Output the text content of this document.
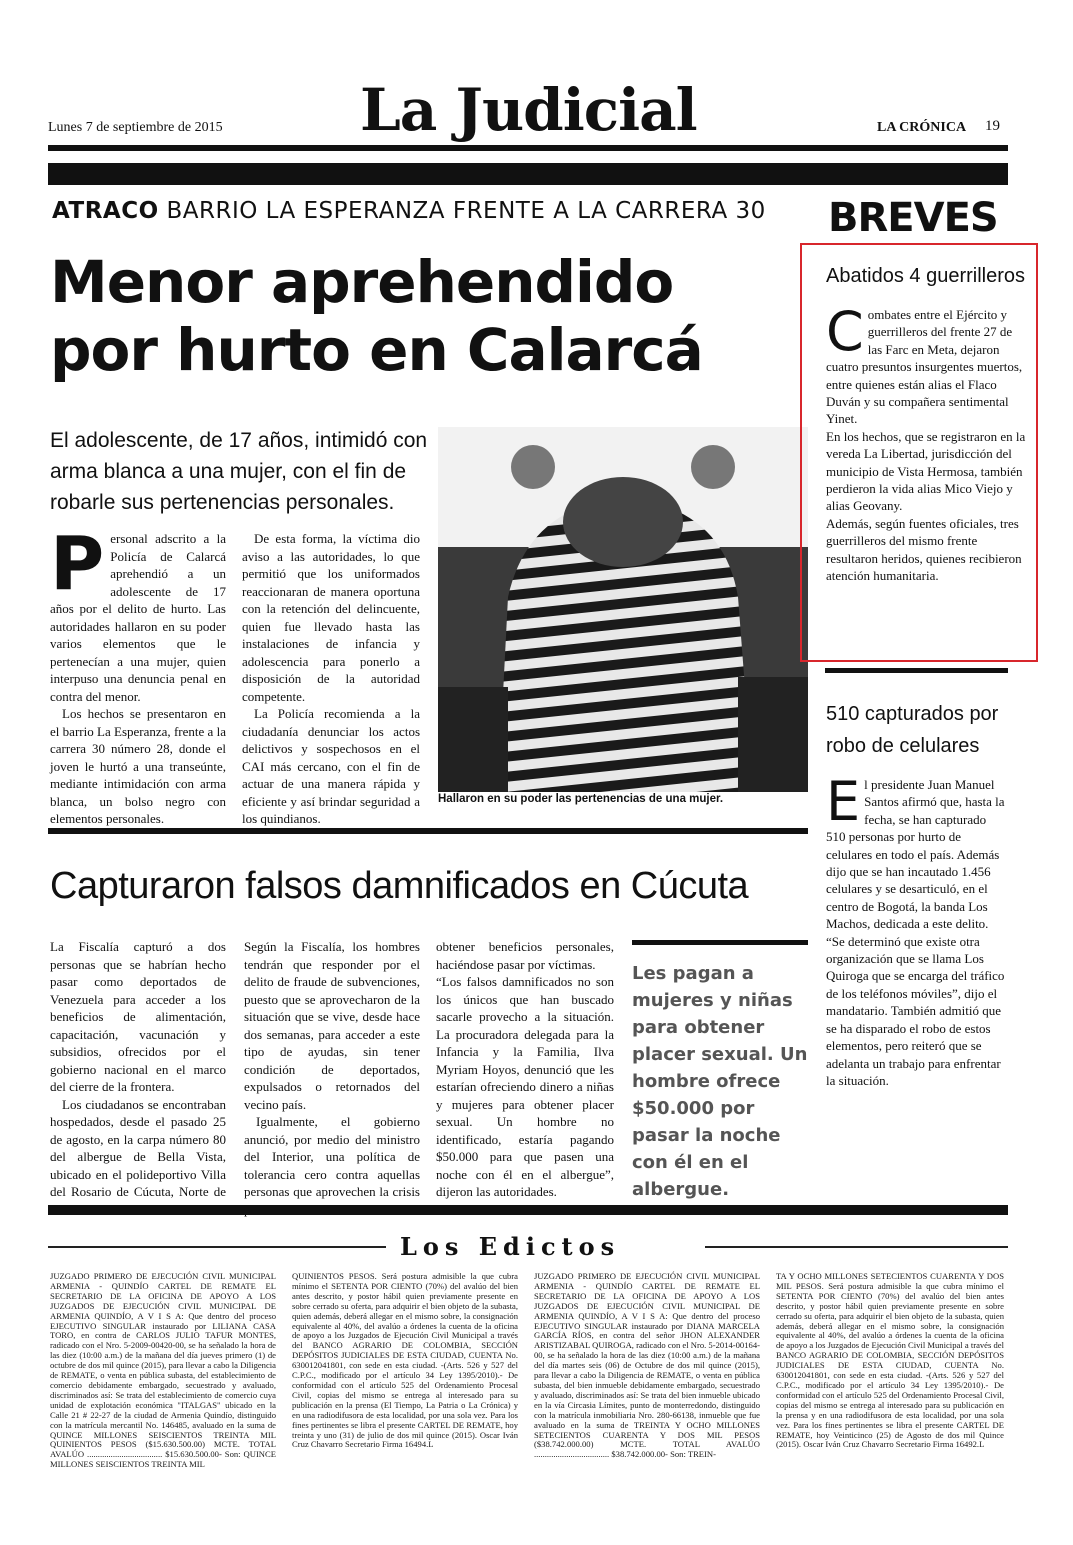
Lunes 7 de septiembre de 2015 La Judicial	LA CRÓNICA 19
ATRACO BARRIO LA ESPERANZA FRENTE A LA CARRERA 30
Menor aprehendido por hurto en Calarcá
El adolescente, de 17 años, intimidó con arma blanca a una mujer, con el fin de robarle sus pertenencias personales.
P ersonal adscrito a la Policía de Calarcá aprehendió a un adolescente de 17 años por el delito de hurto. Las autoridades hallaron en su poder varios elementos que le pertenecían a una mujer, quien interpuso una denuncia penal en contra del menor.

Los hechos se presentaron en el barrio La Esperanza, frente a la carrera 30 número 28, donde el joven le hurtó a una transeúnte, mediante intimidación con arma blanca, un bolso negro con elementos personales.

De esta forma, la víctima dio aviso a las autoridades, lo que permitió que los uniformados reaccionaran de manera oportuna con la retención del delincuente, quien fue llevado hasta las instalaciones de infancia y adolescencia para ponerlo a disposición de la autoridad competente.

La Policía recomienda a la ciudadanía denunciar los actos delictivos y sospechosos en el CAI más cercano, con el fin de actuar de una manera rápida y eficiente y así brindar seguridad a los quindianos.

Hallaron en su poder las pertenencias de una mujer.
BREVES
Abatidos 4 guerrilleros
C ombates entre el Ejército y guerrilleros del frente 27 de las Farc en Meta, dejaron cuatro presuntos insurgentes muertos, entre quienes están alias el Flaco Duván y su compañera sentimental Yinet.

En los hechos, que se registraron en la vereda La Libertad, jurisdicción del municipio de Vista Hermosa, también perdieron la vida alias Mico Viejo y alias Geovany.

Además, según fuentes oficiales, tres guerrilleros del mismo frente resultaron heridos, quienes recibieron atención humanitaria.

510 capturados por robo de celulares
E l presidente Juan Manuel Santos afirmó que, hasta la fecha, se han capturado 510 personas por hurto de celulares en todo el país. Además dijo que se han incautado 1.456 celulares y se desarticuló, en el centro de Bogotá, la banda Los Machos, dedicada a este delito.

“Se determinó que existe otra organización que se llama Los Quiroga que se encarga del tráfico de los teléfonos móviles”, dijo el mandatario. También admitió que se ha disparado el robo de estos elementos, pero reiteró que se adelanta un trabajo para enfrentar la situación.

Capturaron falsos damnificados en Cúcuta

La Fiscalía capturó a dos personas que se habrían hecho pasar como deportados de Venezuela para acceder a los beneficios de alimentación, capacitación, vacunación y subsidios, ofrecidos por el gobierno nacional en el marco del cierre de la frontera.

Los ciudadanos se encontraban hospedados, desde el pasado 25 de agosto, en la carpa número 80 del albergue de Bella Vista, ubicado en el polideportivo Villa del Rosario de Cúcuta, Norte de

Según la Fiscalía, los hombres tendrán que responder por el delito de fraude de subvenciones, puesto que se aprovecharon de la situación que se vive, desde hace dos semanas, para acceder a este tipo de ayudas, sin tener condición de deportados, expulsados o retornados del vecino país.

Igualmente, el gobierno anunció, por medio del ministro del Interior, una política de tolerancia cero contra aquellas personas que aprovechen la crisis

obtener beneficios personales, haciéndose pasar por víctimas.

“Los falsos damnificados no son los únicos que han buscado sacarle provecho a la situación. La procuradora delegada para la Infancia y la Familia, Ilva Myriam Hoyos, denunció que les estarían ofreciendo dinero a niñas y mujeres para obtener placer sexual. Un hombre no identificado, estaría pagando $50.000 para que pasen una noche con él en el albergue”, dijeron las autoridades.

Les pagan a mujeres y niñas para obtener placer sexual. Un hombre ofrece $50.000 por pasar la noche con él en el albergue.
Los Edictos
JUZGADO PRIMERO DE EJECUCIÓN CIVIL MUNICIPAL ARMENIA - QUINDÍO CARTEL DE REMATE EL SECRETARIO DE LA OFICINA DE APOYO A LOS JUZGADOS DE EJECUCIÓN CIVIL MUNICIPAL DE ARMENIA QUINDÍO, A V I S A: Que dentro del proceso EJECUTIVO SINGULAR instaurado por LILIANA CASA TORO, en contra de CARLOS JULIO TAFUR MONTES, radicado con el Nro. 5-2009-00420-00, se ha señalado la hora de las diez (10:00 a.m.) de la mañana del día jueves primero (1) de octubre de dos mil quince (2015), para llevar a cabo la Diligencia de REMATE, o venta en pública subasta, del establecimiento de comercio debidamente embargado, secuestrado y avaluado, discriminados así: Se trata del establecimiento de comercio cuya unidad de explotación económica "ITALGAS" ubicado en la Calle 21 # 22-27 de la ciudad de Armenia Quindío, distinguido con la matrícula mercantil No. 146485, avaluado en la suma de QUINCE MILLONES SEISCIENTOS TREINTA MIL QUINIENTOS PESOS ($15.630.500.00) MCTE. TOTAL AVALÚO ................................... $15.630.500.00- Son: QUINCE MILLONES SEISCIENTOS TREINTA MIL
QUINIENTOS PESOS. Será postura admisible la que cubra mínimo el SETENTA POR CIENTO (70%) del avalúo del bien antes descrito, y postor hábil quien previamente presente en sobre cerrado su oferta, para adquirir el bien objeto de la subasta, quien además, deberá allegar en el mismo sobre, la consignación equivalente al 40%, del avalúo a órdenes la cuenta de la oficina de apoyo a los Juzgados de Ejecución Civil Municipal a través del BANCO AGRARIO DE COLOMBIA, SECCIÓN DEPÓSITOS JUDICIALES DE ESTA CIUDAD, CUENTA No. 630012041801, con sede en esta ciudad. -(Arts. 526 y 527 del C.P.C., modificado por el artículo 34 Ley 1395/2010).- De conformidad con el artículo 525 del Ordenamiento Procesal Civil, copias del mismo se entrega al interesado para su publicación en la prensa (El Tiempo, La Patria o La Crónica) y en una radiodifusora de esta localidad, por una sola vez. Para los fines pertinentes se libra el presente CARTEL DE REMATE, hoy treinta y uno (31) de julio de dos mil quince (2015). Oscar Iván Cruz Chavarro Secretario Firma 16494.L
JUZGADO PRIMERO DE EJECUCIÓN CIVIL MUNICIPAL ARMENIA - QUINDÍO CARTEL DE REMATE EL SECRETARIO DE LA OFICINA DE APOYO A LOS JUZGADOS DE EJECUCIÓN CIVIL MUNICIPAL DE ARMENIA QUINDÍO, A V I S A: Que dentro del proceso EJECUTIVO SINGULAR instaurado por DIANA MARCELA GARCÍA RÍOS, en contra del señor JHON ALEXANDER ARISTIZABAL QUIROGA, radicado con el Nro. 5-2014-00164-00, se ha señalado la hora de las diez (10:00 a.m.) de la mañana del día martes seis (06) de Octubre de dos mil quince (2015), para llevar a cabo la Diligencia de REMATE, o venta en pública subasta, del bien inmueble debidamente embargado, secuestrado y avaluado, discriminados así: Se trata del bien inmueble ubicado en la vía Circasia Límites, punto de monterredondo, distinguido con la matrícula inmobiliaria Nro. 280-66138, inmueble que fue avaluado en la suma de TREINTA Y OCHO MILLONES SETECIENTOS CUARENTA Y DOS MIL PESOS ($38.742.000.00) MCTE. TOTAL AVALÚO ................................... $38.742.000.00- Son: TREIN-
TA Y OCHO MILLONES SETECIENTOS CUARENTA Y DOS MIL PESOS. Será postura admisible la que cubra mínimo el SETENTA POR CIENTO (70%) del avalúo del bien antes descrito, y postor hábil quien previamente presente en sobre cerrado su oferta, para adquirir el bien objeto de la subasta, quien además, deberá allegar en el mismo sobre, la consignación equivalente al 40%, del avalúo a órdenes la cuenta de la oficina de apoyo a los Juzgados de Ejecución Civil Municipal a través del BANCO AGRARIO DE COLOMBIA, SECCIÓN DEPÓSITOS JUDICIALES DE ESTA CIUDAD, CUENTA No. 630012041801, con sede en esta ciudad. -(Arts. 526 y 527 del C.P.C., modificado por el artículo 34 Ley 1395/2010).- De conformidad con el artículo 525 del Ordenamiento Procesal Civil, copias del mismo se entrega al interesado para su publicación en la prensa y en una radiodifusora de esta localidad, por una sola vez. Para los fines pertinentes se libra el presente CARTEL DE REMATE, hoy Veinticinco (25) de Agosto de dos mil Quince (2015). Oscar Iván Cruz Chavarro Secretario Firma 16492.L
